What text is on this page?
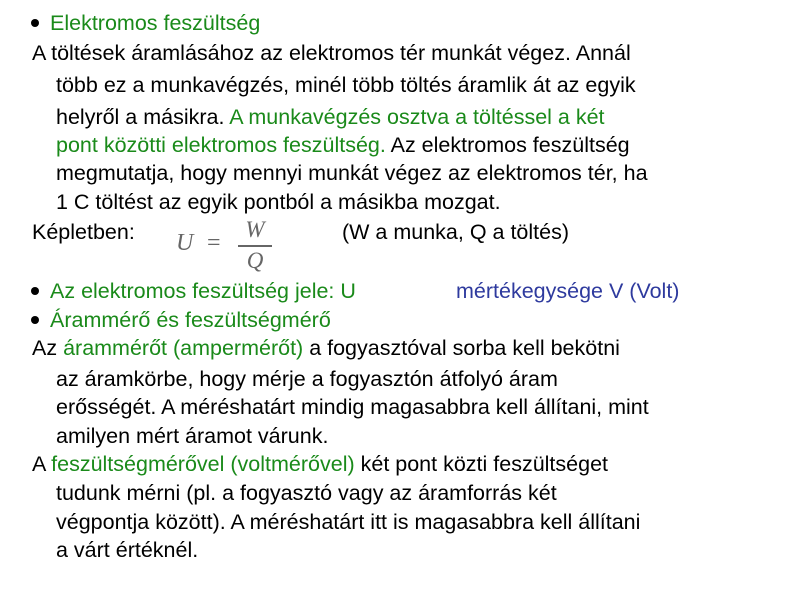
Elektromos feszültség
A töltések áramlásához az elektromos tér munkát végez. Annál
több ez a munkavégzés, minél több töltés áramlik át az egyik
helyről a másikra. A munkavégzés osztva a töltéssel a két
pont közötti elektromos feszültség. Az elektromos feszültség
megmutatja, hogy mennyi munkát végez az elektromos tér, ha
1 C töltést az egyik pontból a másikba mozgat.
Képletben: U =
W
Q
(W a munka, Q a töltés)
Az elektromos feszültség jele: U	mértékegysége V (Volt)
Árammérő és feszültségmérő
Az árammérőt (ampermérőt) a fogyasztóval sorba kell bekötni
az áramkörbe, hogy mérje a fogyasztón átfolyó áram
erősségét. A méréshatárt mindig magasabbra kell állítani, mint
amilyen mért áramot várunk.
A feszültségmérővel (voltmérővel) két pont közti feszültséget
tudunk mérni (pl. a fogyasztó vagy az áramforrás két
végpontja között). A méréshatárt itt is magasabbra kell állítani
a várt értéknél.
